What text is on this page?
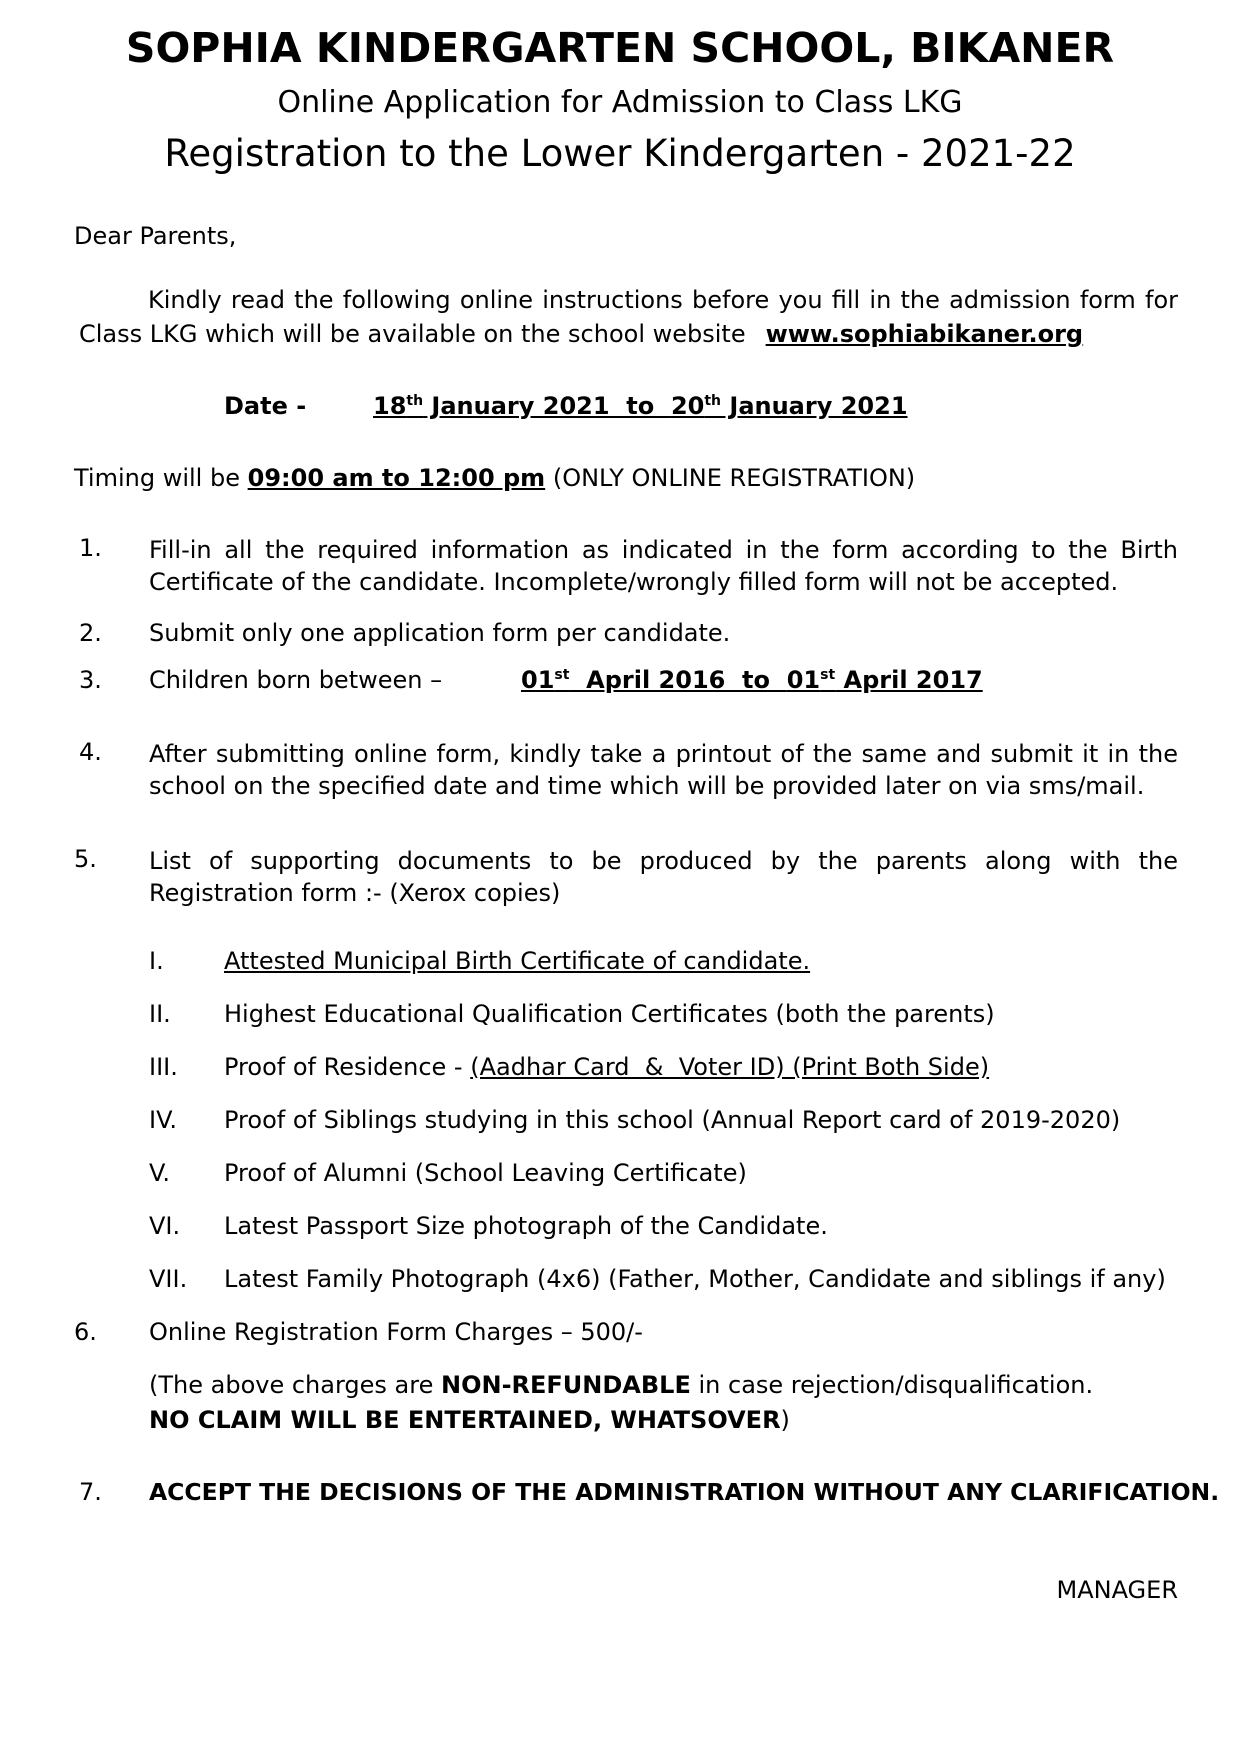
SOPHIA KINDERGARTEN SCHOOL, BIKANER
Online Application for Admission to Class LKG
Registration to the Lower Kindergarten - 2021-22
Dear Parents,
Kindly read the following online instructions before you fill in the admission form for
Class LKG which will be available on the school website www.sophiabikaner.org
Date -	18th January 2021  to  20th January 2021
Timing will be 09:00 am to 12:00 pm (ONLY ONLINE REGISTRATION)
1. Fill-in all the required information as indicated in the form according to the Birth
Certificate of the candidate. Incomplete/wrongly filled form will not be accepted.
2. Submit only one application form per candidate.
3. Children born between –	01st  April 2016  to  01st April 2017
4. After submitting online form, kindly take a printout of the same and submit it in the
school on the specified date and time which will be provided later on via sms/mail.
5. List of supporting documents to be produced by the parents along with the
Registration form :- (Xerox copies)
I.	Attested Municipal Birth Certificate of candidate.
II. Highest Educational Qualification Certificates (both the parents)
III. Proof of Residence - (Aadhar Card  &  Voter ID) (Print Both Side)
IV. Proof of Siblings studying in this school (Annual Report card of 2019-2020)
V. Proof of Alumni (School Leaving Certificate)
VI. Latest Passport Size photograph of the Candidate.
VII. Latest Family Photograph (4x6) (Father, Mother, Candidate and siblings if any)
6. Online Registration Form Charges – 500/-
(The above charges are NON-REFUNDABLE in case rejection/disqualification.
NO CLAIM WILL BE ENTERTAINED, WHATSOVER)
7. ACCEPT THE DECISIONS OF THE ADMINISTRATION WITHOUT ANY CLARIFICATION.
MANAGER
